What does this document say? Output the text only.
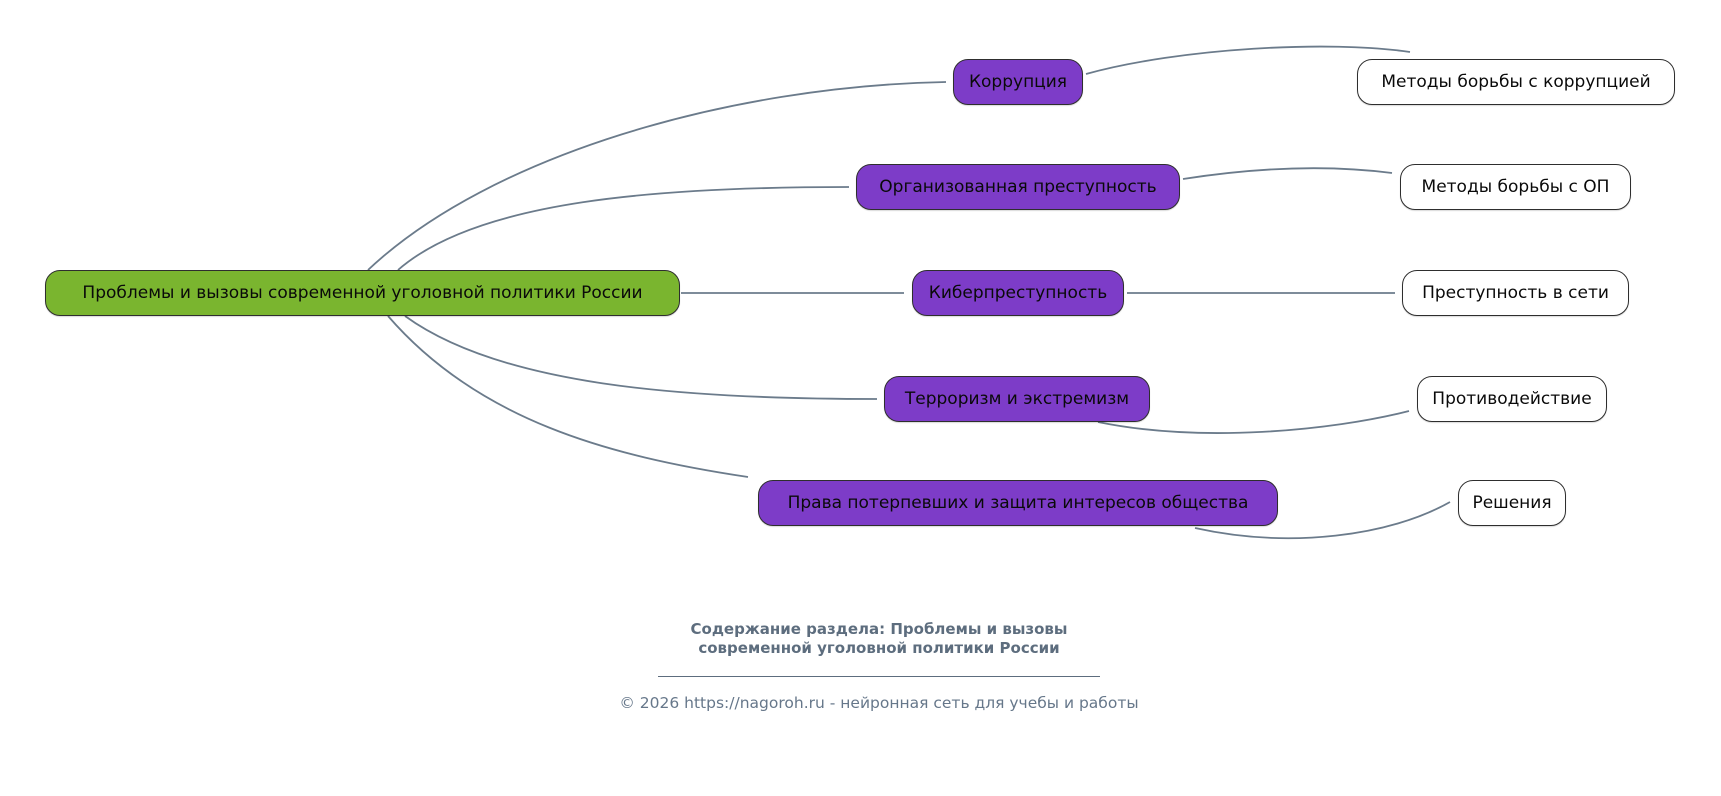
Проблемы и вызовы современной уголовной политики России
Коррупция
Организованная преступность
Киберпреступность
Терроризм и экстремизм
Права потерпевших и защита интересов общества
Методы борьбы с коррупцией
Методы борьбы с ОП
Преступность в сети
Противодействие
Решения
Содержание раздела: Проблемы и вызовы
современной уголовной политики России
© 2026 https://nagoroh.ru - нейронная сеть для учебы и работы
